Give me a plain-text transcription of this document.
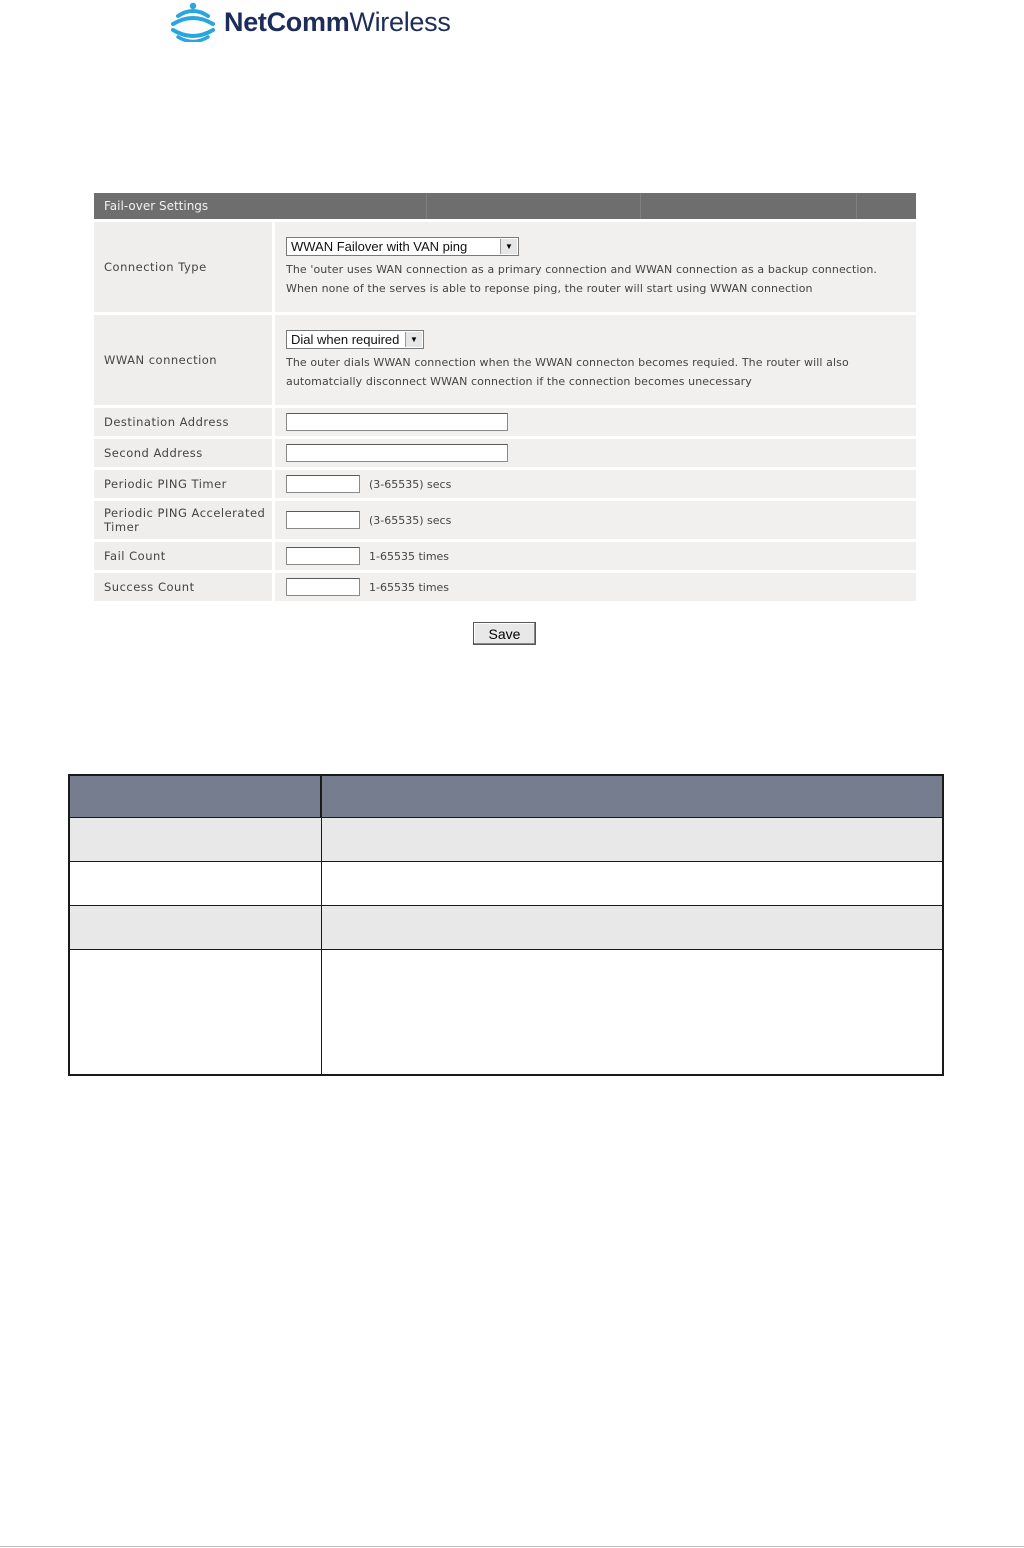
NetCommWireless
Fail-over Settings
Connection Type
WWAN Failover with VAN ping	▼
The 'outer uses WAN connection as a primary connection and WWAN connection as a backup connection.
When none of the serves is able to reponse ping, the router will start using WWAN connection
WWAN connection
Dial when required	▼
The outer dials WWAN connection when the WWAN connecton becomes requied. The router will also
automatcially disconnect WWAN connection if the connection becomes unecessary
Destination Address
Second Address
Periodic PING Timer	(3-65535) secs
Periodic PING Accelerated Timer	(3-65535) secs
Fail Count	1-65535 times
Success Count	1-65535 times
Save
